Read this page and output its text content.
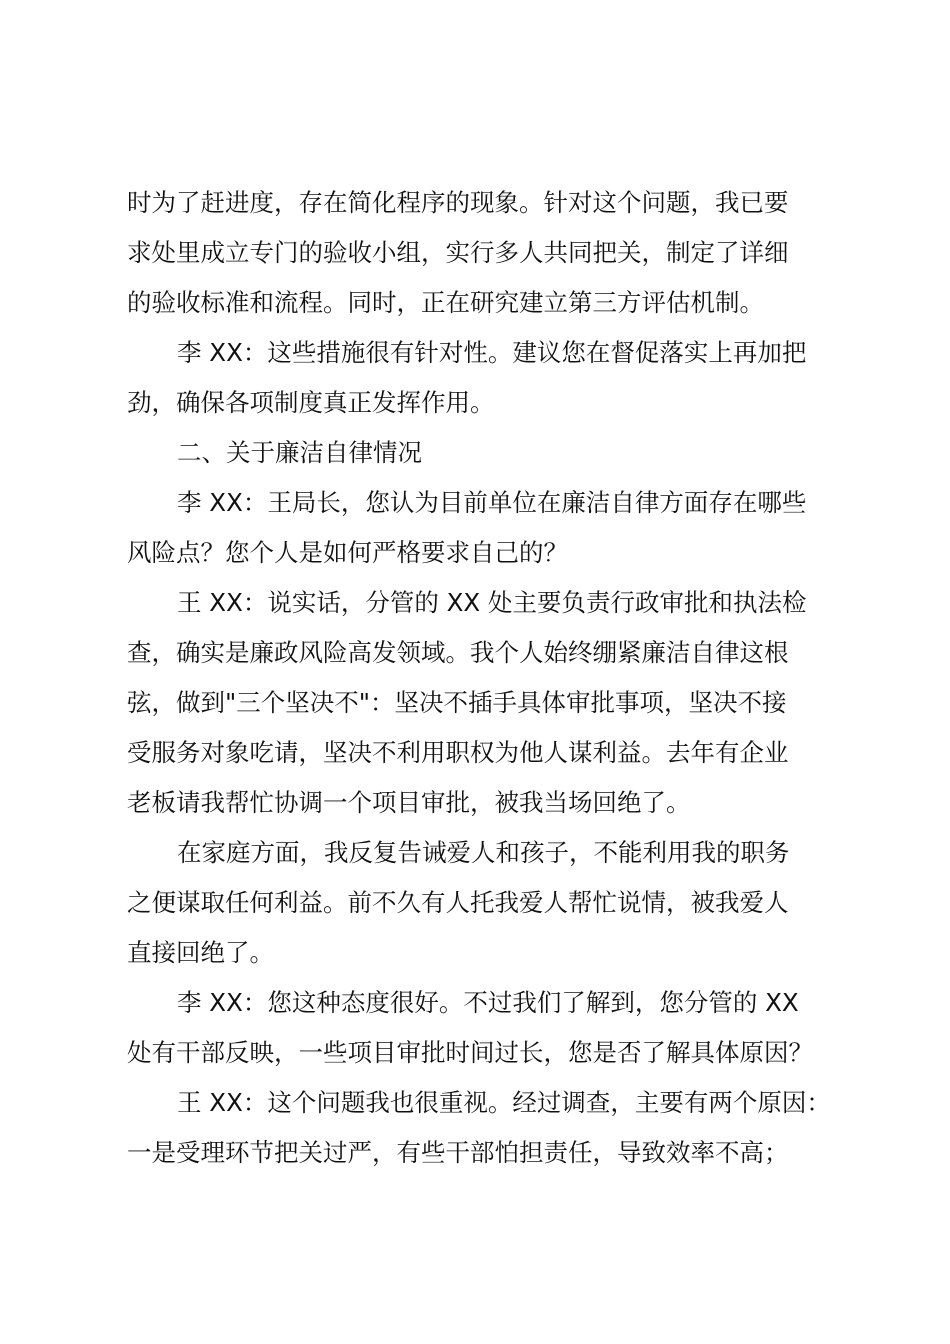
时为了赶进度，存在简化程序的现象。针对这个问题，我已要
求处里成立专门的验收小组，实行多人共同把关，制定了详细
的验收标准和流程。同时，正在研究建立第三方评估机制。
李 XX：这些措施很有针对性。建议您在督促落实上再加把
劲，确保各项制度真正发挥作用。
二、关于廉洁自律情况
李 XX：王局长，您认为目前单位在廉洁自律方面存在哪些
风险点？您个人是如何严格要求自己的？
王 XX：说实话，分管的 XX 处主要负责行政审批和执法检
查，确实是廉政风险高发领域。我个人始终绷紧廉洁自律这根
弦，做到"三个坚决不"：坚决不插手具体审批事项，坚决不接
受服务对象吃请，坚决不利用职权为他人谋利益。去年有企业
老板请我帮忙协调一个项目审批，被我当场回绝了。
在家庭方面，我反复告诫爱人和孩子，不能利用我的职务
之便谋取任何利益。前不久有人托我爱人帮忙说情，被我爱人
直接回绝了。
李 XX：您这种态度很好。不过我们了解到，您分管的 XX
处有干部反映，一些项目审批时间过长，您是否了解具体原因？
王 XX：这个问题我也很重视。经过调查，主要有两个原因：
一是受理环节把关过严，有些干部怕担责任，导致效率不高；
